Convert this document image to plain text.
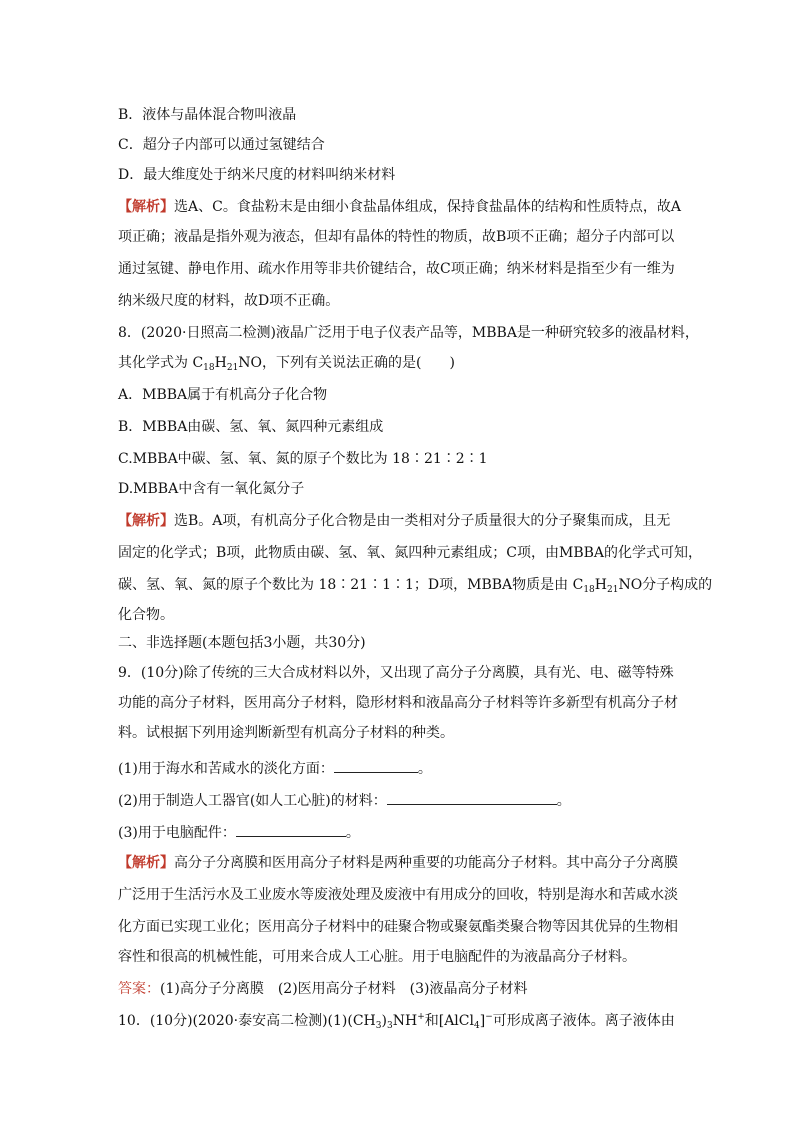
B．液体与晶体混合物叫液晶
C．超分子内部可以通过氢键结合
D．最大维度处于纳米尺度的材料叫纳米材料
【解析】选A、C。食盐粉末是由细小食盐晶体组成，保持食盐晶体的结构和性质特点，故A
项正确；液晶是指外观为液态，但却有晶体的特性的物质，故B项不正确；超分子内部可以
通过氢键、静电作用、疏水作用等非共价键结合，故C项正确；纳米材料是指至少有一维为
纳米级尺度的材料，故D项不正确。
8．(2020·日照高二检测)液晶广泛用于电子仪表产品等，MBBA是一种研究较多的液晶材料，
其化学式为 $C_{18}H_{21}NO$，下列有关说法正确的是(　　)
A．MBBA属于有机高分子化合物
B．MBBA由碳、氢、氧、氮四种元素组成
C.MBBA中碳、氢、氧、氮的原子个数比为 18∶21∶2∶1
D.MBBA中含有一氧化氮分子
【解析】选B。A项，有机高分子化合物是由一类相对分子质量很大的分子聚集而成，且无
固定的化学式；B项，此物质由碳、氢、氧、氮四种元素组成；C项，由MBBA的化学式可知，
碳、氢、氧、氮的原子个数比为 18∶21∶1∶1；D项，MBBA物质是由 $C_{18}H_{21}NO$分子构成的
化合物。
二、非选择题(本题包括3小题，共30分)
9．(10分)除了传统的三大合成材料以外，又出现了高分子分离膜，具有光、电、磁等特殊
功能的高分子材料，医用高分子材料，隐形材料和液晶高分子材料等许多新型有机高分子材
料。试根据下列用途判断新型有机高分子材料的种类。
(1)用于海水和苦咸水的淡化方面：	。
(2)用于制造人工器官(如人工心脏)的材料：	。
(3)用于电脑配件：	。
【解析】高分子分离膜和医用高分子材料是两种重要的功能高分子材料。其中高分子分离膜
广泛用于生活污水及工业废水等废液处理及废液中有用成分的回收，特别是海水和苦咸水淡
化方面已实现工业化；医用高分子材料中的硅聚合物或聚氨酯类聚合物等因其优异的生物相
容性和很高的机械性能，可用来合成人工心脏。用于电脑配件的为液晶高分子材料。
答案：(1)高分子分离膜　(2)医用高分子材料　(3)液晶高分子材料
10．(10分)(2020·泰安高二检测)$(1)(CH_3)_3NH^+$和[AlCl$_4$]−可形成离子液体。离子液体由
